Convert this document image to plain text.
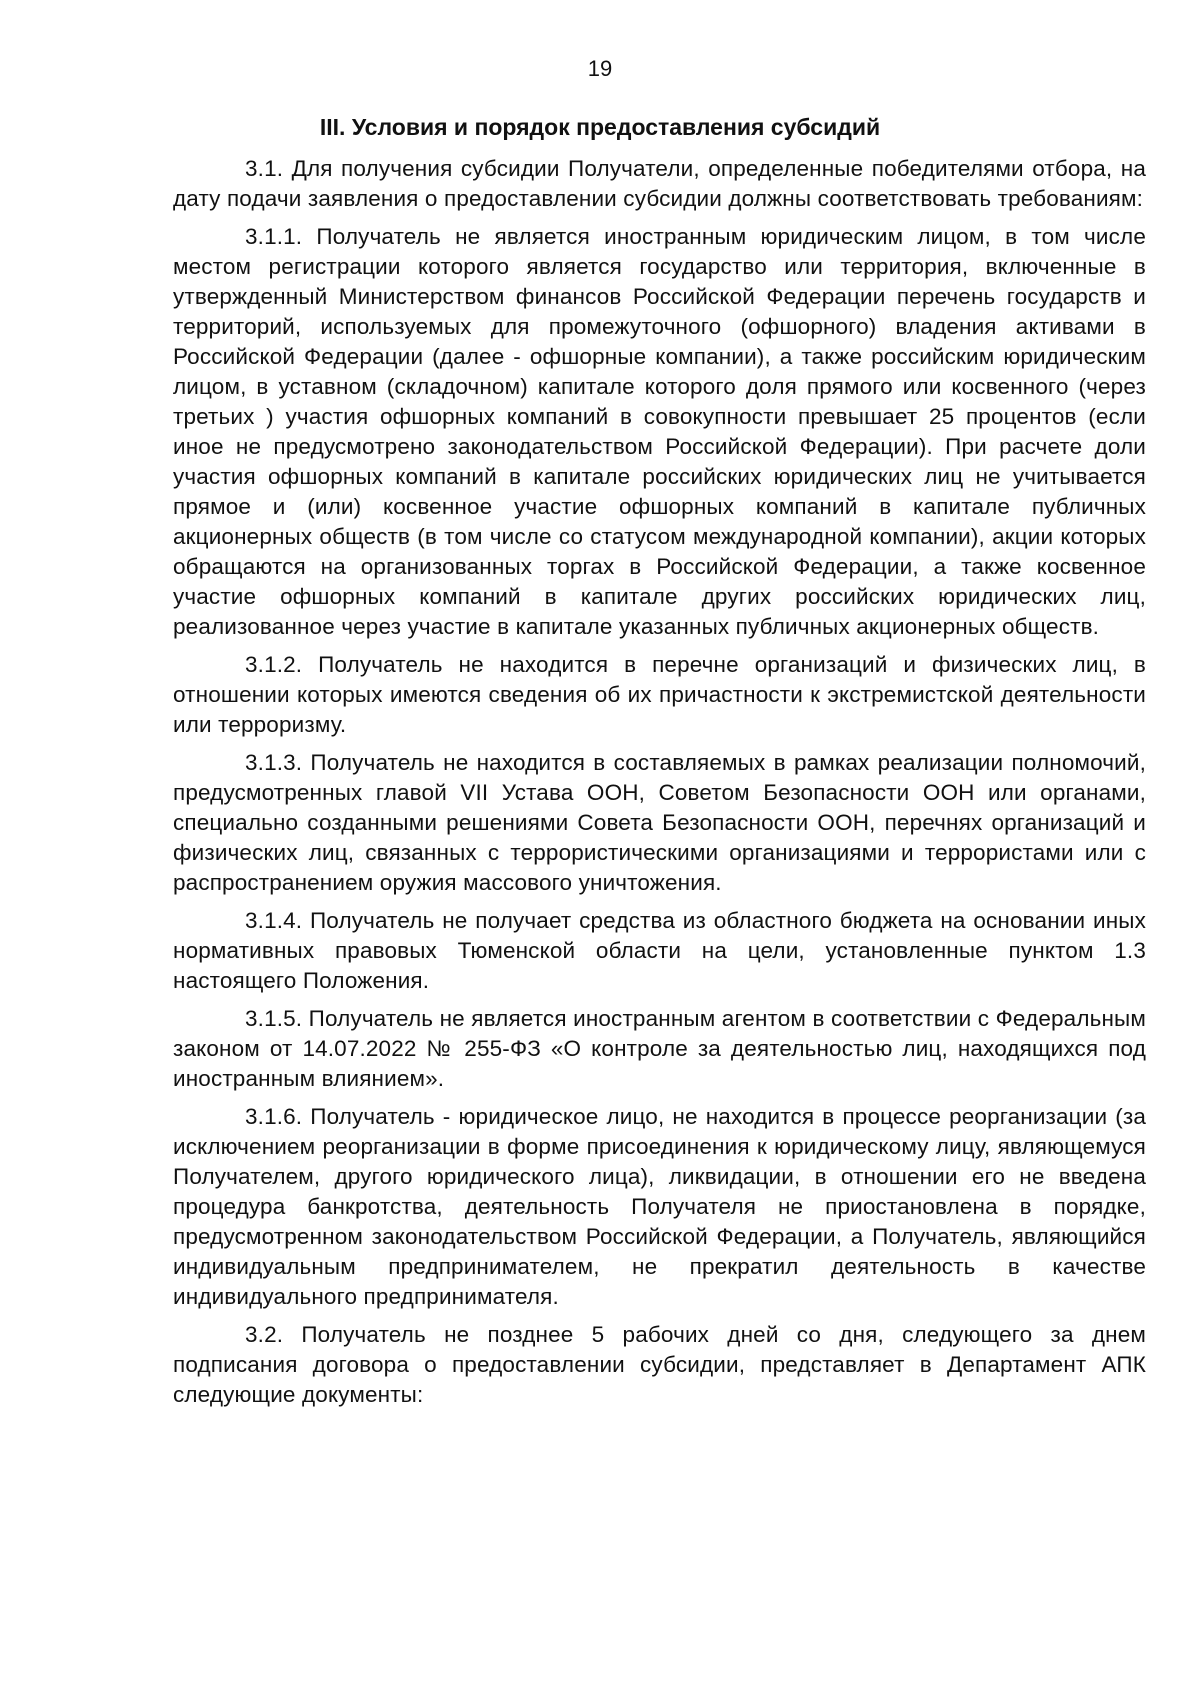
19
III. Условия и порядок предоставления субсидий

3.1. Для получения субсидии Получатели, определенные победителями отбора, на дату подачи заявления о предоставлении субсидии должны соответствовать требованиям:

3.1.1. Получатель не является иностранным юридическим лицом, в том числе местом регистрации которого является государство или территория, включенные в утвержденный Министерством финансов Российской Федерации перечень государств и территорий, используемых для промежуточного (офшорного) владения активами в Российской Федерации (далее - офшорные компании), а также российским юридическим лицом, в уставном (складочном) капитале которого доля прямого или косвенного (через третьих ) участия офшорных компаний в совокупности превышает 25 процентов (если иное не предусмотрено законодательством Российской Федерации). При расчете доли участия офшорных компаний в капитале российских юридических лиц не учитывается прямое и (или) косвенное участие офшорных компаний в капитале публичных акционерных обществ (в том числе со статусом международной компании), акции которых обращаются на организованных торгах в Российской Федерации, а также косвенное участие офшорных компаний в капитале других российских юридических лиц, реализованное через участие в капитале указанных публичных акционерных обществ.

3.1.2. Получатель не находится в перечне организаций и физических лиц, в отношении которых имеются сведения об их причастности к экстремистской деятельности или терроризму.

3.1.3. Получатель не находится в составляемых в рамках реализации полномочий, предусмотренных главой VII Устава ООН, Советом Безопасности ООН или органами, специально созданными решениями Совета Безопасности ООН, перечнях организаций и физических лиц, связанных с террористическими организациями и террористами или с распространением оружия массового уничтожения.

3.1.4. Получатель не получает средства из областного бюджета на основании иных нормативных правовых Тюменской области на цели, установленные пунктом 1.3 настоящего Положения.

3.1.5. Получатель не является иностранным агентом в соответствии с Федеральным законом от 14.07.2022 № 255-ФЗ «О контроле за деятельностью лиц, находящихся под иностранным влиянием».

3.1.6. Получатель - юридическое лицо, не находится в процессе реорганизации (за исключением реорганизации в форме присоединения к юридическому лицу, являющемуся Получателем, другого юридического лица), ликвидации, в отношении его не введена процедура банкротства, деятельность Получателя не приостановлена в порядке, предусмотренном законодательством Российской Федерации, а Получатель, являющийся индивидуальным предпринимателем, не прекратил деятельность в качестве индивидуального предпринимателя.

3.2. Получатель не позднее 5 рабочих дней со дня, следующего за днем подписания договора о предоставлении субсидии, представляет в Департамент АПК следующие документы:
